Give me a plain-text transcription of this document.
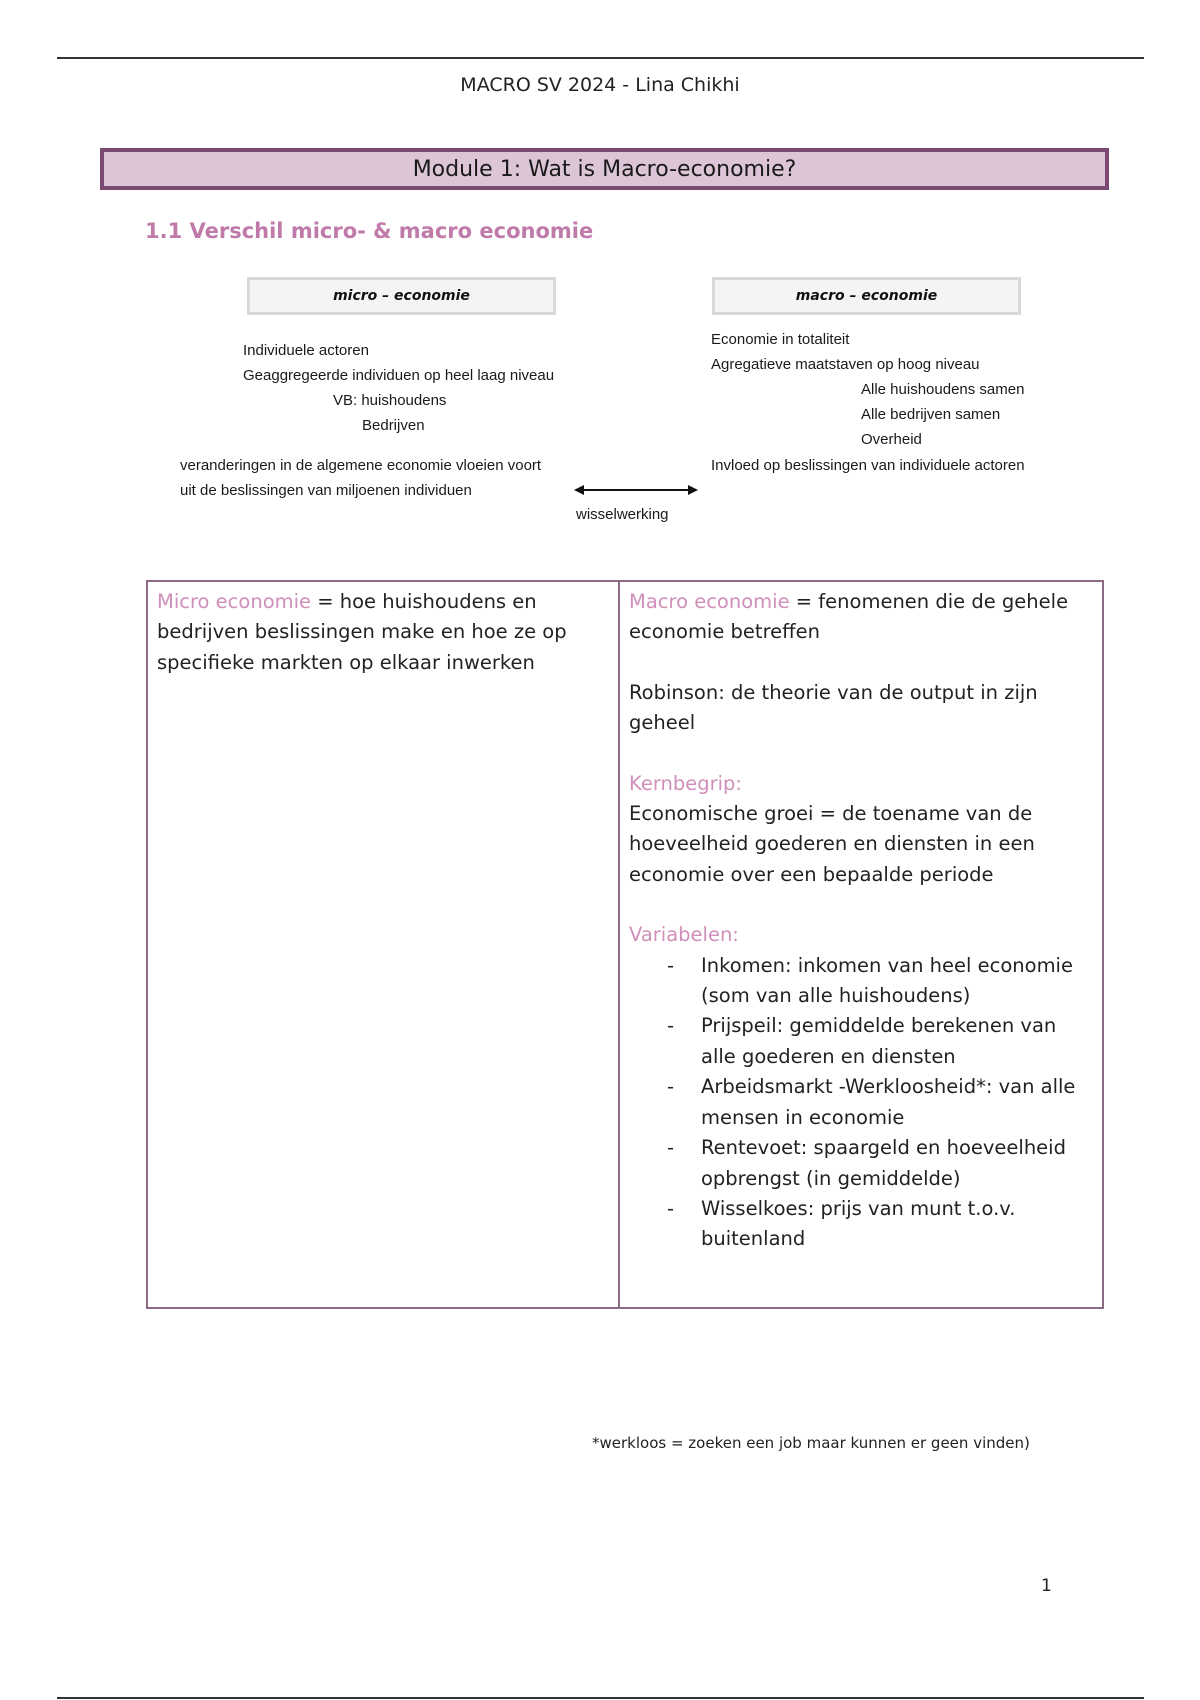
MACRO SV 2024 - Lina Chikhi
Module 1: Wat is Macro-economie?
1.1 Verschil micro- & macro economie
micro – economie	macro – economie
Individuele actoren
Geaggregeerde individuen op heel laag niveau
VB: huishoudens
Bedrijven
veranderingen in de algemene economie vloeien voort
uit de beslissingen van miljoenen individuen
Economie in totaliteit
Agregatieve maatstaven op hoog niveau
Alle huishoudens samen
Alle bedrijven samen
Overheid
Invloed op beslissingen van individuele actoren
wisselwerking
Micro economie = hoe huishoudens en bedrijven beslissingen make en hoe ze op specifieke markten op elkaar inwerken

Macro economie = fenomenen die de gehele economie betreffen

Robinson: de theorie van de output in zijn geheel

Kernbegrip:

Economische groei = de toename van de hoeveelheid goederen en diensten in een economie over een bepaalde periode

Variabelen:

- Inkomen: inkomen van heel economie (som van alle huishoudens)
- Prijspeil: gemiddelde berekenen van alle goederen en diensten
- Arbeidsmarkt -Werkloosheid*: van alle mensen in economie
- Rentevoet: spaargeld en hoeveelheid opbrengst (in gemiddelde)
- Wisselkoes: prijs van munt t.o.v. buitenland
*werkloos = zoeken een job maar kunnen er geen vinden)
1
